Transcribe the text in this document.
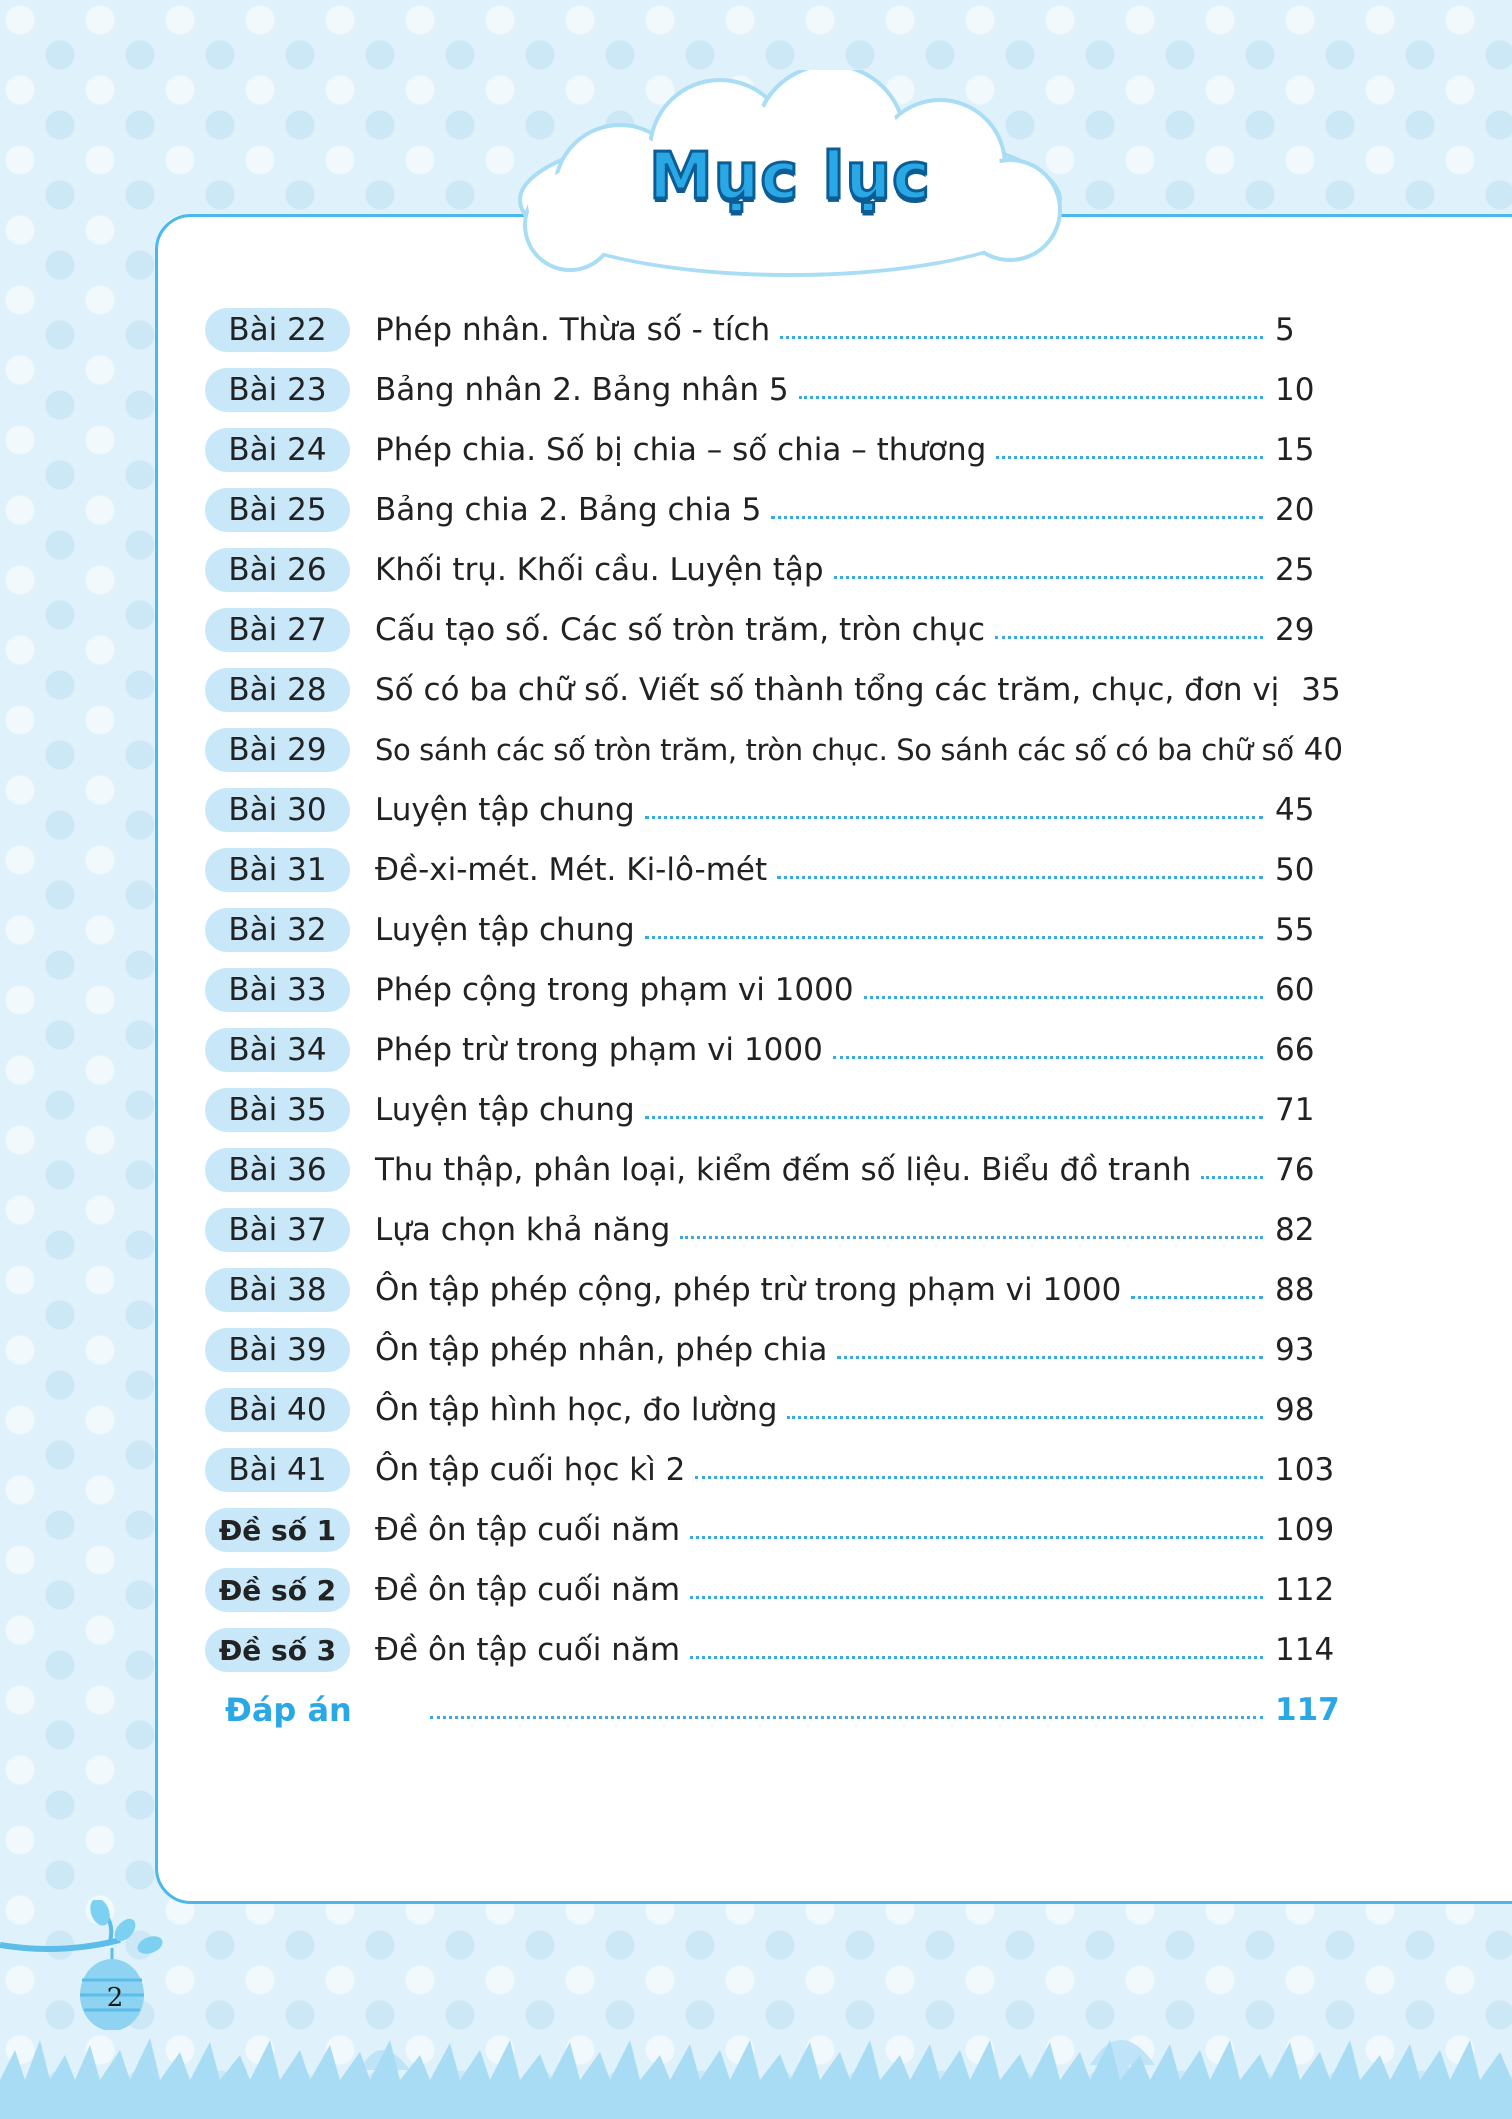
Mục lục
Bài 22	Phép nhân. Thừa số - tích	5
Bài 23	Bảng nhân 2. Bảng nhân 5	10
Bài 24	Phép chia. Số bị chia – số chia – thương	15
Bài 25	Bảng chia 2. Bảng chia 5	20
Bài 26	Khối trụ. Khối cầu. Luyện tập	25
Bài 27	Cấu tạo số. Các số tròn trăm, tròn chục	29
Bài 28	Số có ba chữ số. Viết số thành tổng các trăm, chục, đơn vị 35
Bài 29	So sánh các số tròn trăm, tròn chục. So sánh các số có ba chữ số 40
Bài 30	Luyện tập chung	45
Bài 31	Đề-xi-mét. Mét. Ki-lô-mét	50
Bài 32	Luyện tập chung	55
Bài 33	Phép cộng trong phạm vi 1000	60
Bài 34	Phép trừ trong phạm vi 1000	66
Bài 35	Luyện tập chung	71
Bài 36	Thu thập, phân loại, kiểm đếm số liệu. Biểu đồ tranh	76
Bài 37	Lựa chọn khả năng	82
Bài 38	Ôn tập phép cộng, phép trừ trong phạm vi 1000	88
Bài 39	Ôn tập phép nhân, phép chia	93
Bài 40	Ôn tập hình học, đo lường	98
Bài 41	Ôn tập cuối học kì 2	103
Đề số 1	Đề ôn tập cuối năm	109
Đề số 2	Đề ôn tập cuối năm	112
Đề số 3	Đề ôn tập cuối năm	114
Đáp án	117
2
